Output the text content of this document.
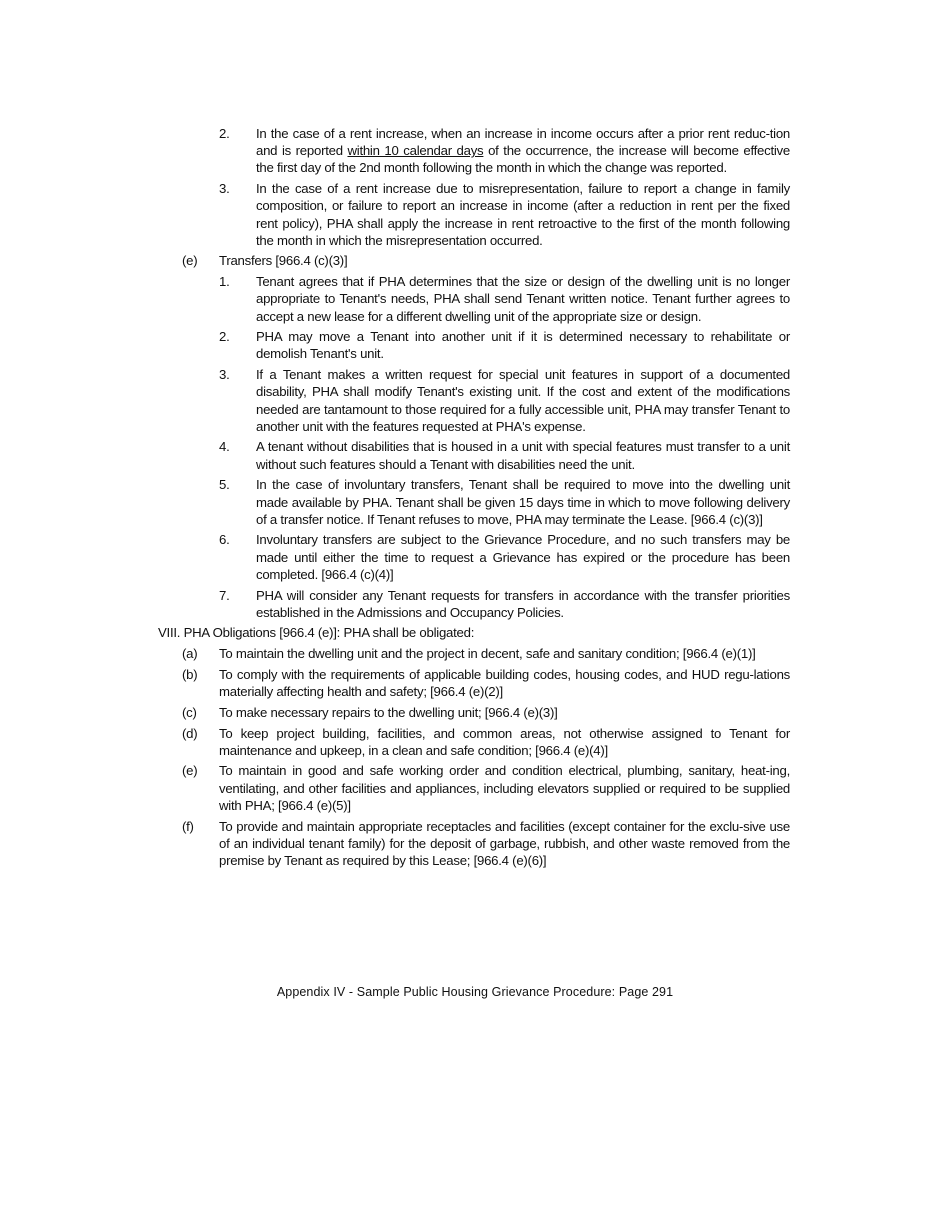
2.	In the case of a rent increase, when an increase in income occurs after a prior rent reduc-tion and is reported within 10 calendar days of the occurrence, the increase will become effective the first day of the 2nd month following the month in which the change was reported.
3.	In the case of a rent increase due to misrepresentation, failure to report a change in family composition, or failure to report an increase in income (after a reduction in rent per the fixed rent policy), PHA shall apply the increase in rent retroactive to the first of the month following the month in which the misrepresentation occurred.
(e)	Transfers [966.4 (c)(3)]
1.	Tenant agrees that if PHA determines that the size or design of the dwelling unit is no longer appropriate to Tenant's needs, PHA shall send Tenant written notice. Tenant further agrees to accept a new lease for a different dwelling unit of the appropriate size or design.
2.	PHA may move a Tenant into another unit if it is determined necessary to rehabilitate or demolish Tenant's unit.
3.	If a Tenant makes a written request for special unit features in support of a documented disability, PHA shall modify Tenant's existing unit. If the cost and extent of the modifications needed are tantamount to those required for a fully accessible unit, PHA may transfer Tenant to another unit with the features requested at PHA's expense.
4.	A tenant without disabilities that is housed in a unit with special features must transfer to a unit without such features should a Tenant with disabilities need the unit.
5.	In the case of involuntary transfers, Tenant shall be required to move into the dwelling unit made available by PHA. Tenant shall be given 15 days time in which to move following delivery of a transfer notice. If Tenant refuses to move, PHA may terminate the Lease. [966.4 (c)(3)]
6.	Involuntary transfers are subject to the Grievance Procedure, and no such transfers may be made until either the time to request a Grievance has expired or the procedure has been completed. [966.4 (c)(4)]
7.	PHA will consider any Tenant requests for transfers in accordance with the transfer priorities established in the Admissions and Occupancy Policies.
VIII. PHA Obligations [966.4 (e)]: PHA shall be obligated:
(a)	To maintain the dwelling unit and the project in decent, safe and sanitary condition; [966.4 (e)(1)]
(b)	To comply with the requirements of applicable building codes, housing codes, and HUD regu-lations materially affecting health and safety; [966.4 (e)(2)]
(c)	To make necessary repairs to the dwelling unit; [966.4 (e)(3)]
(d)	To keep project building, facilities, and common areas, not otherwise assigned to Tenant for maintenance and upkeep, in a clean and safe condition; [966.4 (e)(4)]
(e)	To maintain in good and safe working order and condition electrical, plumbing, sanitary, heat-ing, ventilating, and other facilities and appliances, including elevators supplied or required to be supplied with PHA; [966.4 (e)(5)]
(f)	To provide and maintain appropriate receptacles and facilities (except container for the exclu-sive use of an individual tenant family) for the deposit of garbage, rubbish, and other waste removed from the premise by Tenant as required by this Lease; [966.4 (e)(6)]
Appendix IV - Sample Public Housing Grievance Procedure: Page 291
